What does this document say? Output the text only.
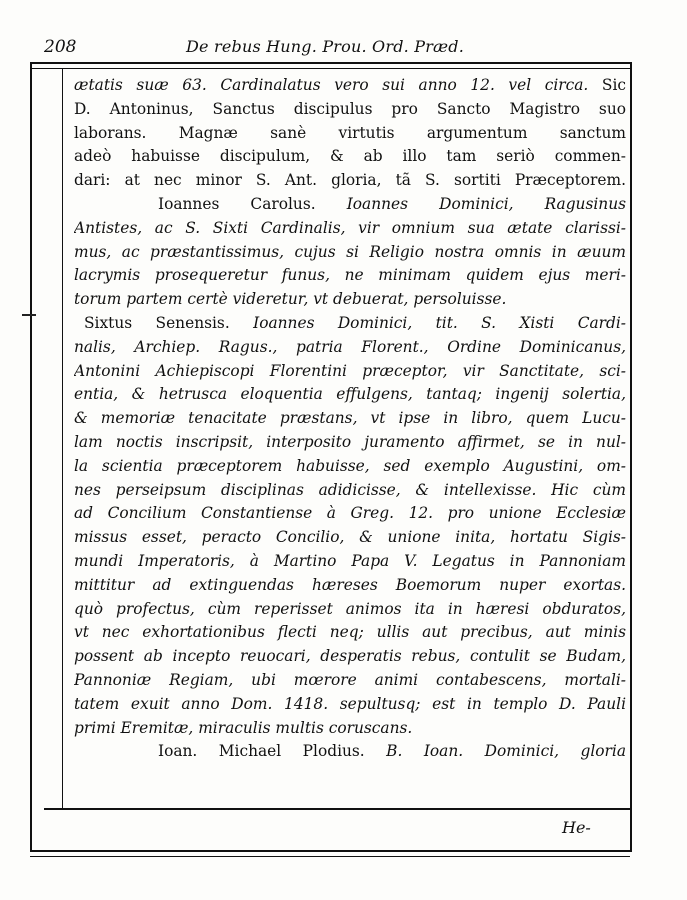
208	De rebus Hung. Prou. Ord. Præd.
ætatis suæ 63. Cardinalatus vero sui anno 12. vel circa. Sic
D. Antoninus, Sanctus discipulus pro Sancto Magistro suo
laborans. Magnæ sanè virtutis argumentum sanctum
adeò habuisse discipulum, & ab illo tam seriò commen-
dari: at nec minor S. Ant. gloria, tã S. sortiti Præceptorem.
Ioannes Carolus. Ioannes Dominici, Ragusinus
Antistes, ac S. Sixti Cardinalis, vir omnium sua ætate clarissi-
mus, ac præstantissimus, cujus si Religio nostra omnis in æuum
lacrymis prosequeretur funus, ne minimam quidem ejus meri-
torum partem certè videretur, vt debuerat, persoluisse.
Sixtus Senensis. Ioannes Dominici, tit. S. Xisti Cardi-
nalis, Archiep. Ragus., patria Florent., Ordine Dominicanus,
Antonini Achiepiscopi Florentini præceptor, vir Sanctitate, sci-
entia, & hetrusca eloquentia effulgens, tantaq; ingenij solertia,
& memoriæ tenacitate præstans, vt ipse in libro, quem Lucu-
lam noctis inscripsit, interposito juramento affirmet, se in nul-
la scientia præceptorem habuisse, sed exemplo Augustini, om-
nes perseipsum disciplinas adidicisse, & intellexisse. Hic cùm
ad Concilium Constantiense à Greg. 12. pro unione Ecclesiæ
missus esset, peracto Concilio, & unione inita, hortatu Sigis-
mundi Imperatoris, à Martino Papa V. Legatus in Pannoniam
mittitur ad extinguendas hæreses Boemorum nuper exortas.
quò profectus, cùm reperisset animos ita in hæresi obduratos,
vt nec exhortationibus flecti neq; ullis aut precibus, aut minis
possent ab incepto reuocari, desperatis rebus, contulit se Budam,
Pannoniæ Regiam, ubi mœrore animi contabescens, mortali-
tatem exuit anno Dom. 1418. sepultusq; est in templo D. Pauli
primi Eremitæ, miraculis multis coruscans.
Ioan. Michael Plodius. B. Ioan. Dominici, gloria
He-
